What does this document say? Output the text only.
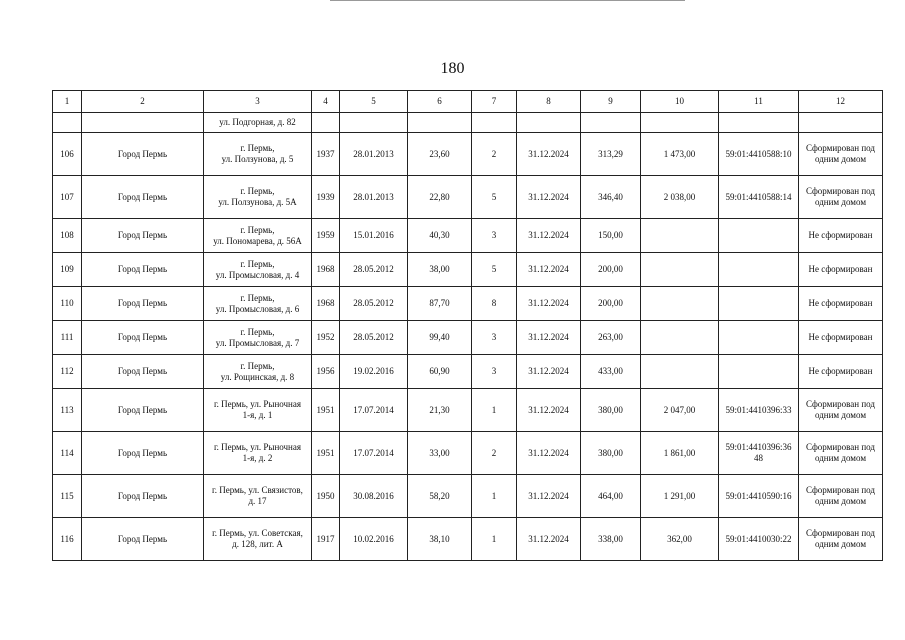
180
1	2	3	4	5	6	7	8	9	10	11	12
		ул. Подгорная, д. 82									
106	Город Пермь	г. Пермь,
ул. Ползунова, д. 5	1937	28.01.2013	23,60	2	31.12.2024	313,29	1 473,00	59:01:4410588:10	Сформирован под одним домом
107	Город Пермь	г. Пермь,
ул. Ползунова, д. 5А	1939	28.01.2013	22,80	5	31.12.2024	346,40	2 038,00	59:01:4410588:14	Сформирован под одним домом
108	Город Пермь	г. Пермь,
ул. Пономарева, д. 56А	1959	15.01.2016	40,30	3	31.12.2024	150,00			Не сформирован
109	Город Пермь	г. Пермь,
ул. Промысловая, д. 4	1968	28.05.2012	38,00	5	31.12.2024	200,00			Не сформирован
110	Город Пермь	г. Пермь,
ул. Промысловая, д. 6	1968	28.05.2012	87,70	8	31.12.2024	200,00			Не сформирован
111	Город Пермь	г. Пермь,
ул. Промысловая, д. 7	1952	28.05.2012	99,40	3	31.12.2024	263,00			Не сформирован
112	Город Пермь	г. Пермь,
ул. Рощинская, д. 8	1956	19.02.2016	60,90	3	31.12.2024	433,00			Не сформирован
113	Город Пермь	г. Пермь, ул. Рыночная
1-я, д. 1	1951	17.07.2014	21,30	1	31.12.2024	380,00	2 047,00	59:01:4410396:33	Сформирован под одним домом
114	Город Пермь	г. Пермь, ул. Рыночная
1-я, д. 2	1951	17.07.2014	33,00	2	31.12.2024	380,00	1 861,00	59:01:4410396:36 48	Сформирован под одним домом
115	Город Пермь	г. Пермь, ул. Связистов,
д. 17	1950	30.08.2016	58,20	1	31.12.2024	464,00	1 291,00	59:01:4410590:16	Сформирован под одним домом
116	Город Пермь	г. Пермь, ул. Советская,
д. 128, лит. А	1917	10.02.2016	38,10	1	31.12.2024	338,00	362,00	59:01:4410030:22	Сформирован под одним домом
